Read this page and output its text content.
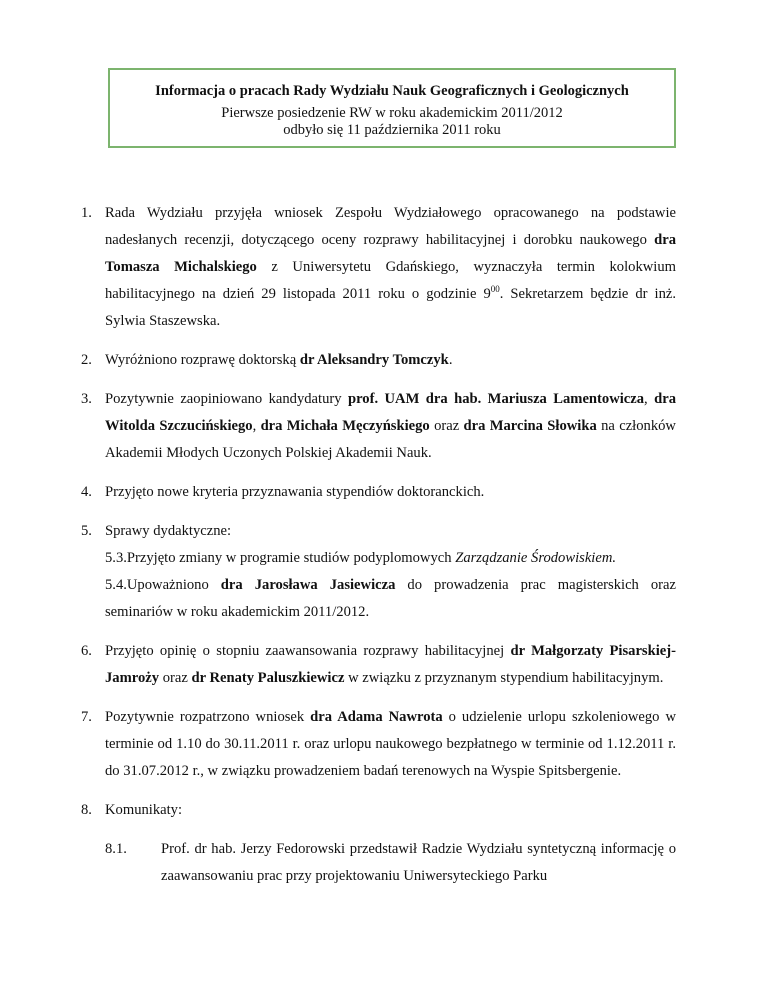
Informacja o pracach Rady Wydziału Nauk Geograficznych i Geologicznych
Pierwsze posiedzenie RW w roku akademickim 2011/2012
odbyło się 11 października 2011 roku
1. Rada Wydziału przyjęła wniosek Zespołu Wydziałowego opracowanego na podstawie nadesłanych recenzji, dotyczącego oceny rozprawy habilitacyjnej i dorobku naukowego dra Tomasza Michalskiego z Uniwersytetu Gdańskiego, wyznaczyła termin kolokwium habilitacyjnego na dzień 29 listopada 2011 roku o godzinie $9^{00}$. Sekretarzem będzie dr inż. Sylwia Staszewska.
2. Wyróżniono rozprawę doktorską dr Aleksandry Tomczyk.
3. Pozytywnie zaopiniowano kandydatury prof. UAM dra hab. Mariusza Lamentowicza, dra Witolda Szczucińskiego, dra Michała Męczyńskiego oraz dra Marcina Słowika na członków Akademii Młodych Uczonych Polskiej Akademii Nauk.
4. Przyjęto nowe kryteria przyznawania stypendiów doktoranckich.
5. Sprawy dydaktyczne:
5.3.Przyjęto zmiany w programie studiów podyplomowych Zarządzanie Środowiskiem.
5.4.Upoważniono dra Jarosława Jasiewicza do prowadzenia prac magisterskich oraz seminariów w roku akademickim 2011/2012.
6. Przyjęto opinię o stopniu zaawansowania rozprawy habilitacyjnej dr Małgorzaty Pisarskiej-Jamroży oraz dr Renaty Paluszkiewicz w związku z przyznanym stypendium habilitacyjnym.
7. Pozytywnie rozpatrzono wniosek dra Adama Nawrota o udzielenie urlopu szkoleniowego w terminie od 1.10 do 30.11.2011 r. oraz urlopu naukowego bezpłatnego w terminie od 1.12.2011 r. do 31.07.2012 r., w związku prowadzeniem badań terenowych na Wyspie Spitsbergenie.
8. Komunikaty:
8.1. Prof. dr hab. Jerzy Fedorowski przedstawił Radzie Wydziału syntetyczną informację o zaawansowaniu prac przy projektowaniu Uniwersyteckiego Parku
